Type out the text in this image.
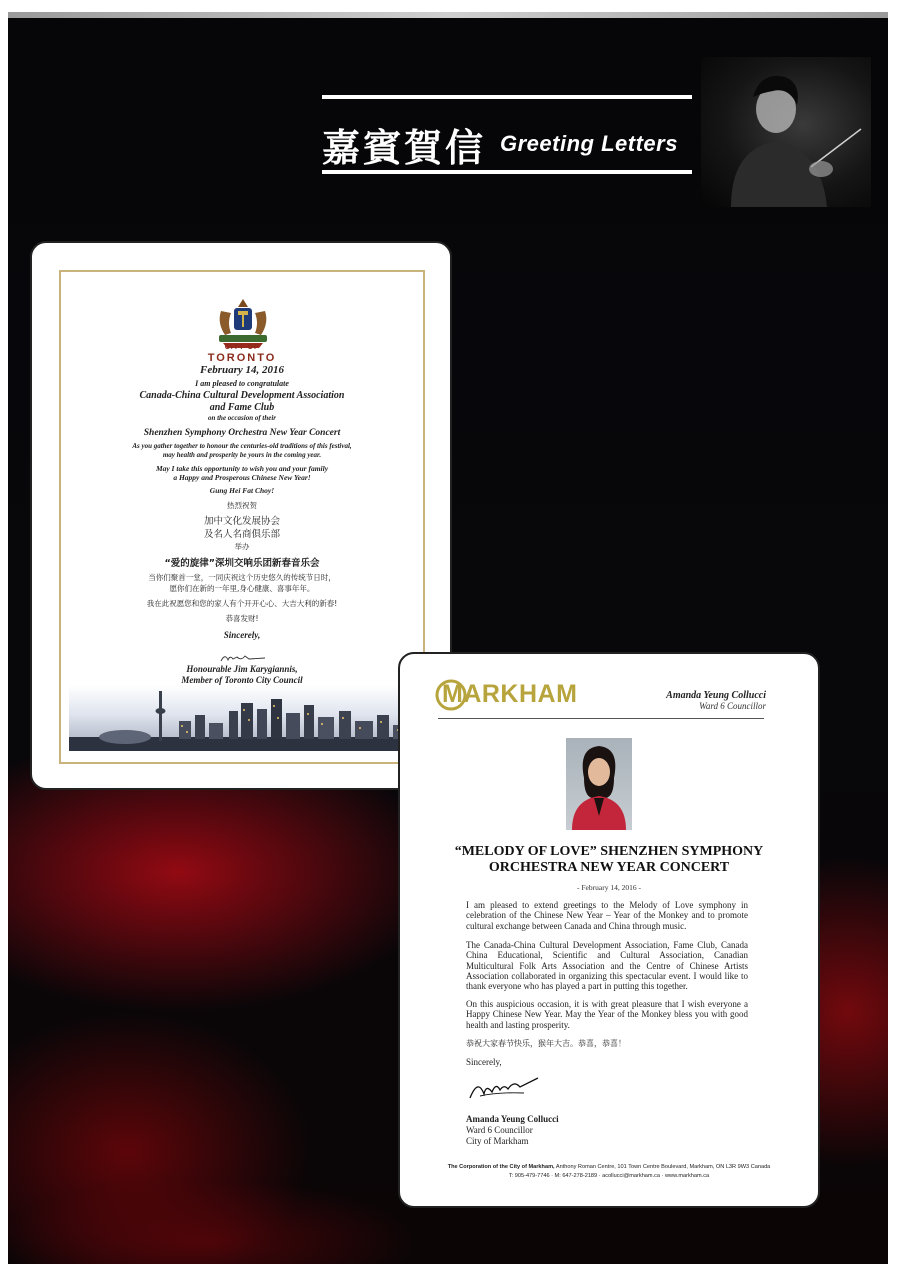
嘉賓賀信 Greeting Letters
CITY OF
TORONTO
February 14, 2016
I am pleased to congratulate
Canada-China Cultural Development Association
and Fame Club
on the occasion of their
Shenzhen Symphony Orchestra New Year Concert
As you gather together to honour the centuries-old traditions of this festival,
may health and prosperity be yours in the coming year.
May I take this opportunity to wish you and your family
a Happy and Prosperous Chinese New Year!
Gung Hei Fat Choy!
热烈祝贺
加中文化发展协会
及名人名商俱乐部
举办
“爱的旋律”深圳交响乐团新春音乐会
当你们聚首一堂，一同庆祝这个历史悠久的传统节日时，
愿你们在新的一年里,身心健康、喜事年年。
我在此祝愿您和您的家人有个开开心心、大吉大利的新春!
恭喜发财!
Sincerely,
Honourable Jim Karygiannis,
Member of Toronto City Council	MARKHAM	Amanda Yeung Collucci
Ward 6 Councillor
“MELODY OF LOVE” SHENZHEN SYMPHONY
ORCHESTRA NEW YEAR CONCERT
- February 14, 2016 -

I am pleased to extend greetings to the Melody of Love symphony in celebration of the Chinese New Year – Year of the Monkey and to promote cultural exchange between Canada and China through music.

The Canada-China Cultural Development Association, Fame Club, Canada China Educational, Scientific and Cultural Association, Canadian Multicultural Folk Arts Association and the Centre of Chinese Artists Association collaborated in organizing this spectacular event. I would like to thank everyone who has played a part in putting this together.

On this auspicious occasion, it is with great pleasure that I wish everyone a Happy Chinese New Year. May the Year of the Monkey bless you with good health and lasting prosperity.

恭祝大家春节快乐，猴年大吉。恭喜，恭喜！
Sincerely,
Amanda Yeung Collucci
Ward 6 Councillor
City of Markham
The Corporation of the City of Markham, Anthony Roman Centre, 101 Town Centre Boulevard, Markham, ON L3R 9W3 Canada
T: 905-479-7746 · M: 647-278-2189 · acollucci@markham.ca · www.markham.ca
